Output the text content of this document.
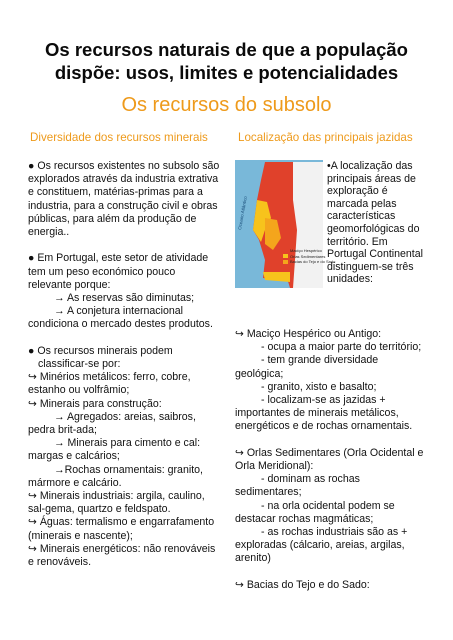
Os recursos naturais de que a população
dispõe: usos, limites e potencialidades
Os recursos do subsolo
Diversidade dos recursos minerais	Localização das principais jazidas
● Os recursos existentes no subsolo são
explorados através da industria extrativa
e constituem, matérias-primas para a
industria, para a construção civil e obras
públicas, para além da produção de
energia..
● Em Portugal, este setor de atividade
tem um peso económico pouco
relevante porque:
→ As reservas são diminutas;
→ A conjetura internacional
condiciona o mercado destes produtos.
● Os recursos minerais podem
classificar-se por:
↪ Minérios metálicos: ferro, cobre,
estanho ou volfrâmio;
↪ Minerais para construção:
→ Agregados: areias, saibros,
pedra brit-ada;
→ Minerais para cimento e cal:
margas e calcários;
→Rochas ornamentais: granito,
mármore e calcário.
↪ Minerais industriais: argila, caulino,
sal-gema, quartzo e feldspato.
↪ Águas: termalismo e engarrafamento
(minerais e nascente);
↪ Minerais energéticos: não renováveis
e renováveis.
Oceano Atlântico
Maciço Hespérico
Orlas Sedimentares
Bacias do Tejo e do Sado
•A localização das
principais áreas de
exploração é
marcada pelas
características
geomorfológicas do
território. Em
Portugal Continental
distinguem-se três
unidades:
↪ Maciço Hespérico ou Antigo:
- ocupa a maior parte do território;
- tem grande diversidade
geológica;
- granito, xisto e basalto;
- localizam-se as jazidas +
importantes de minerais metálicos,
energéticos e de rochas ornamentais.
↪ Orlas Sedimentares (Orla Ocidental e
Orla Meridional):
- dominam as rochas
sedimentares;
- na orla ocidental podem se
destacar rochas magmáticas;
- as rochas industriais são as +
exploradas (cálcario, areias, argilas,
arenito)
↪ Bacias do Tejo e do Sado:
